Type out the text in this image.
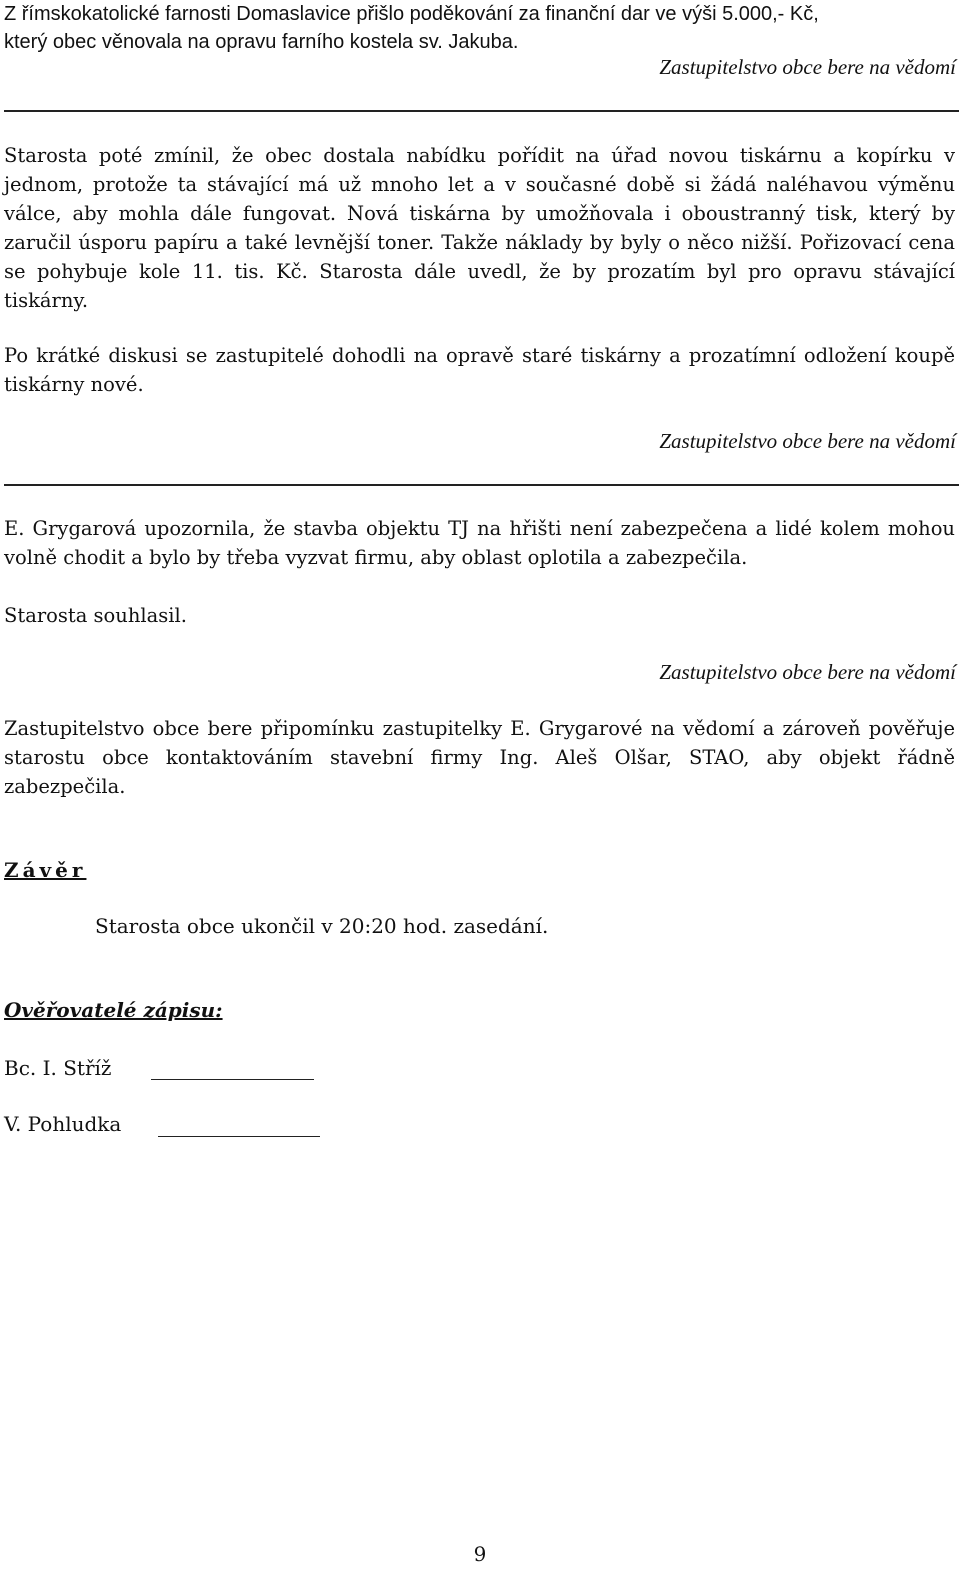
Z římskokatolické farnosti Domaslavice přišlo poděkování za finanční dar ve výši 5.000,- Kč,
který obec věnovala na opravu farního kostela sv. Jakuba.
Zastupitelstvo obce bere na vědomí

Starosta poté zmínil, že obec dostala nabídku pořídit na úřad novou tiskárnu a kopírku v jednom, protože ta stávající má už mnoho let a v současné době si žádá naléhavou výměnu válce, aby mohla dále fungovat. Nová tiskárna by umožňovala i oboustranný tisk, který by zaručil úsporu papíru a také levnější toner. Takže náklady by byly o něco nižší. Pořizovací cena se pohybuje kole 11. tis. Kč. Starosta dále uvedl, že by prozatím byl pro opravu stávající tiskárny.

Po krátké diskusi se zastupitelé dohodli na opravě staré tiskárny a prozatímní odložení koupě tiskárny nové.

Zastupitelstvo obce bere na vědomí

E. Grygarová upozornila, že stavba objektu TJ na hřišti není zabezpečena a lidé kolem mohou volně chodit a bylo by třeba vyzvat firmu, aby oblast oplotila a zabezpečila.

Starosta souhlasil.
Zastupitelstvo obce bere na vědomí

Zastupitelstvo obce bere připomínku zastupitelky E. Grygarové na vědomí a zároveň pověřuje starostu obce kontaktováním stavební firmy Ing. Aleš Olšar, STAO, aby objekt řádně zabezpečila.

Závěr
Starosta obce ukončil v 20:20 hod. zasedání.
Ověřovatelé zápisu:
Bc. I. Stříž
V. Pohludka
9
